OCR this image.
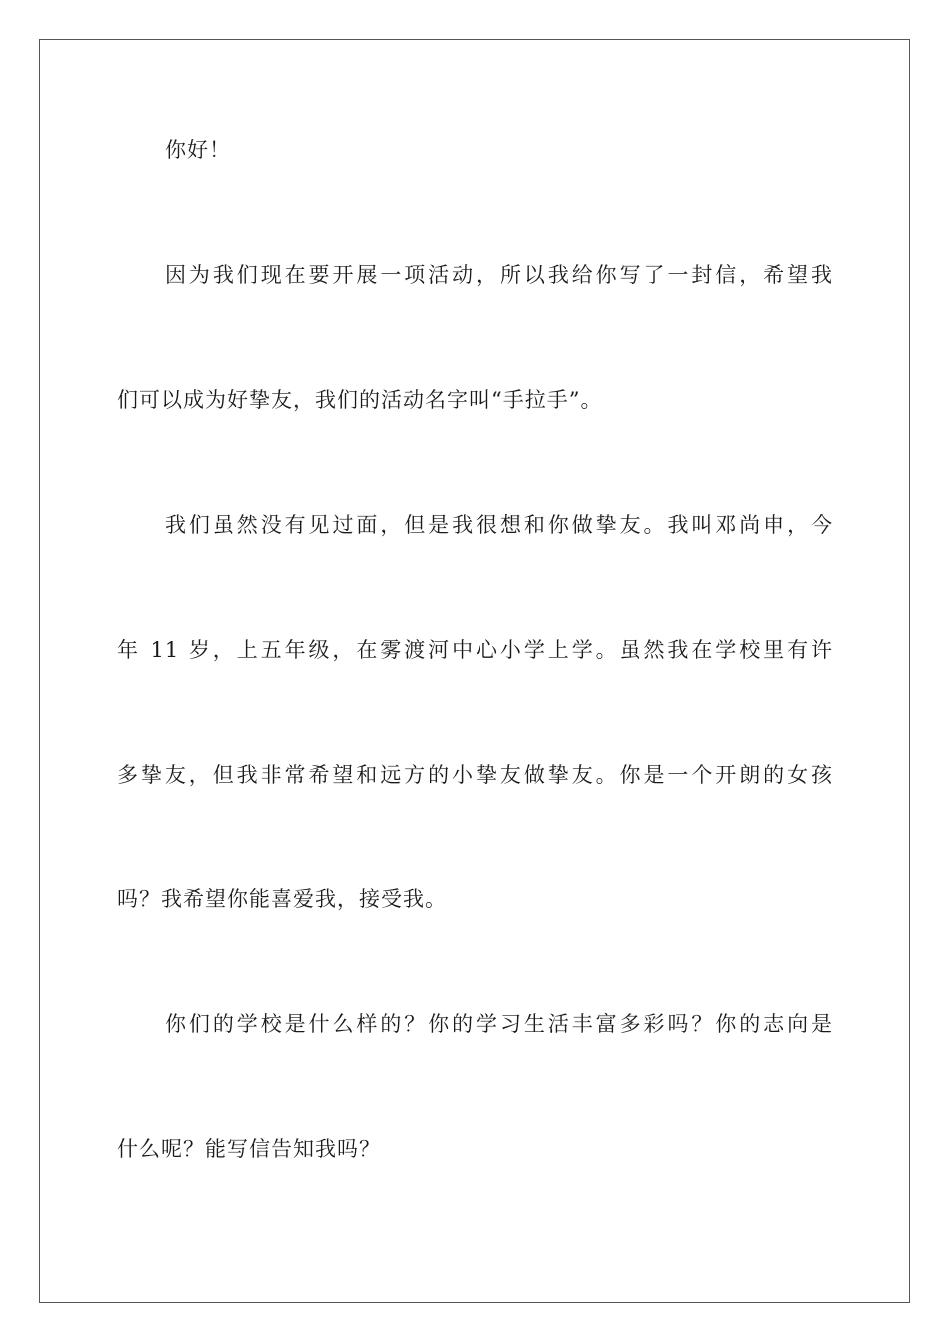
你好！
因为我们现在要开展一项活动，所以我给你写了一封信，希望我
们可以成为好挚友，我们的活动名字叫“手拉手”。
我们虽然没有见过面，但是我很想和你做挚友。我叫邓尚申，今
年 11 岁，上五年级，在雾渡河中心小学上学。虽然我在学校里有许
多挚友，但我非常希望和远方的小挚友做挚友。你是一个开朗的女孩
吗？我希望你能喜爱我，接受我。
你们的学校是什么样的？你的学习生活丰富多彩吗？你的志向是
什么呢？能写信告知我吗？
